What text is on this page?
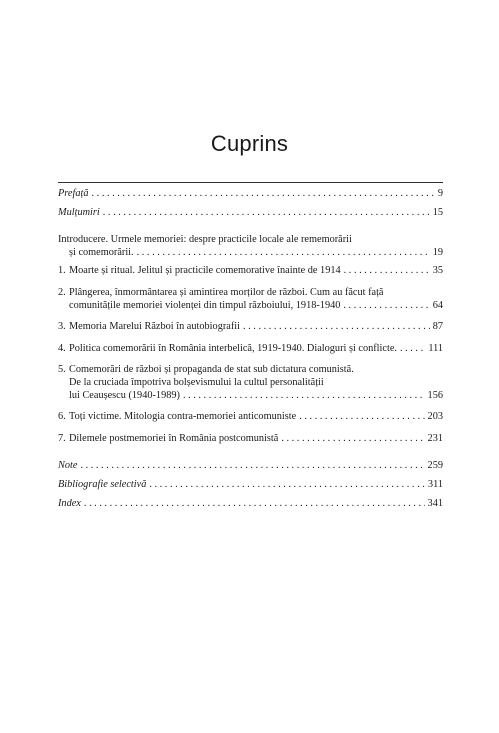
Cuprins
Prefață . . .	9
Mulțumiri . . .	15
Introducere. Urmele memoriei: despre practicile locale ale rememorării
și comemorării. . . .	19
1. Moarte și ritual. Jelitul și practicile comemorative înainte de 1914 . . .	35
2. Plângerea, înmormântarea și amintirea morților de război. Cum au făcut față
comunitățile memoriei violenței din timpul războiului, 1918-1940 . . .	64
3. Memoria Marelui Război în autobiografii . . .	87
4. Politica comemorării în România interbelică, 1919-1940. Dialoguri și conflicte. . . .	111
5. Comemorări de război și propaganda de stat sub dictatura comunistă.
De la cruciada împotriva bolșevismului la cultul personalității
lui Ceaușescu (1940-1989) . . .	156
6. Toți victime. Mitologia contra-memoriei anticomuniste . . .	203
7. Dilemele postmemoriei în România postcomunistă . . .	231
Note . . .	259
Bibliografie selectivă . . .	311
Index . . .	341
